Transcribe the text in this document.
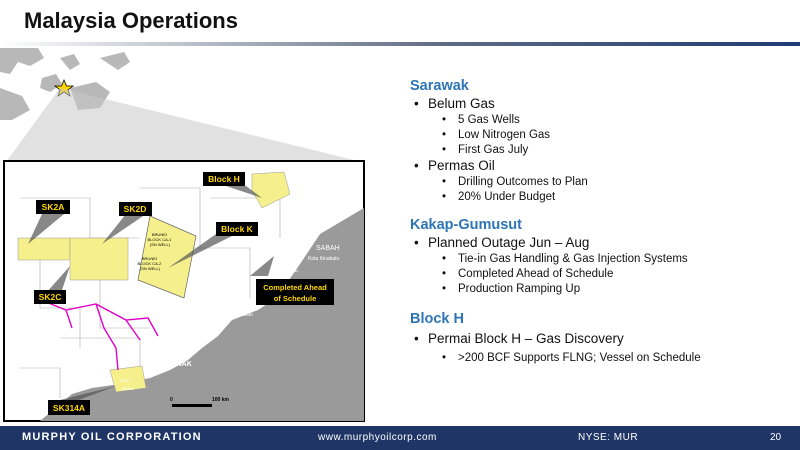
Malaysia Operations
BRUNEI BLOCK CA-1 (SN WELL)
BRUNEI BLOCK CA-2 (SN WELL)
SABAH
Kota Kinabalu
Kimanis
BRUNEI
Bandar Seri
Begawan
Miri
SARAWAK
BORI
Bintulu
0	100 km
Block H
SK2A	SK2D
Block K
SK2C
Completed Ahead
of Schedule
SK314A
Sarawak
• Belum Gas
• 5 Gas Wells
• Low Nitrogen Gas
• First Gas July
• Permas Oil
• Drilling Outcomes to Plan
• 20% Under Budget
Kakap-Gumusut
• Planned Outage Jun – Aug
• Tie-in Gas Handling & Gas Injection Systems
• Completed Ahead of Schedule
• Production Ramping Up
Block H
• Permai Block H – Gas Discovery
• >200 BCF Supports FLNG; Vessel on Schedule
MURPHY OIL CORPORATION	www.murphyoilcorp.com	NYSE: MUR	20
